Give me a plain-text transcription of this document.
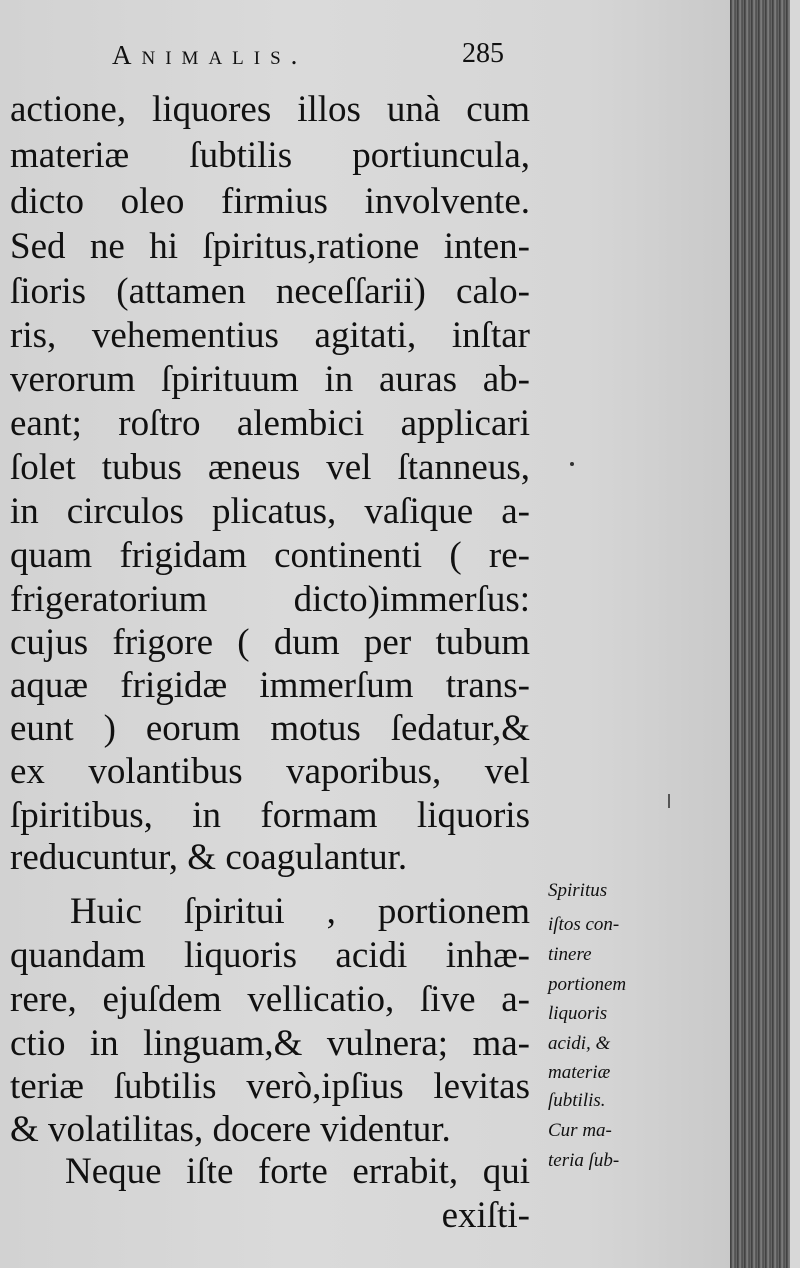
Animalis.	285
actione, liquores illos unà cum
materiæ ſubtilis portiuncula,
dicto oleo firmius involvente.
Sed ne hi ſpiritus,ratione inten-
ſioris (attamen neceſſarii) calo-
ris, vehementius agitati, inſtar
verorum ſpirituum in auras ab-
eant; roſtro alembici applicari
ſolet tubus æneus vel ſtanneus,
in circulos plicatus, vaſique a-
quam frigidam continenti ( re-
frigeratorium dicto)immerſus:
cujus frigore ( dum per tubum
aquæ frigidæ immerſum trans-
eunt ) eorum motus ſedatur,&
ex volantibus vaporibus, vel
ſpiritibus, in formam liquoris
reducuntur, & coagulantur.
Huic ſpiritui , portionem
quandam liquoris acidi inhæ-
rere, ejuſdem vellicatio, ſive a-
ctio in linguam,& vulnera; ma-
teriæ ſubtilis verò,ipſius levitas
& volatilitas, docere videntur.
Neque iſte forte errabit, qui
exiſti-
Spiritus
iſtos con-
tinere
portionem
liquoris
acidi, &
materiæ
ſubtilis.
Cur ma-
teria ſub-
